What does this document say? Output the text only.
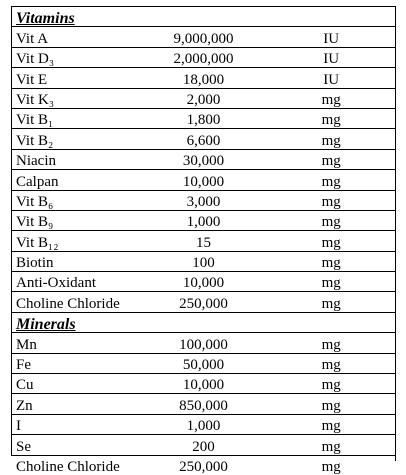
Vitamins		
Vit A	9,000,000	IU
Vit D₃	2,000,000	IU
Vit E	18,000	IU
Vit K₃	2,000	mg
Vit B₁	1,800	mg
Vit B₂	6,600	mg
Niacin	30,000	mg
Calpan	10,000	mg
Vit B₆	3,000	mg
Vit B₉	1,000	mg
Vit B₁₂	15	mg
Biotin	100	mg
Anti-Oxidant	10,000	mg
Choline Chloride	250,000	mg
Minerals		
Mn	100,000	mg
Fe	50,000	mg
Cu	10,000	mg
Zn	850,000	mg
I	1,000	mg
Se	200	mg
Choline Chloride	250,000	mg
